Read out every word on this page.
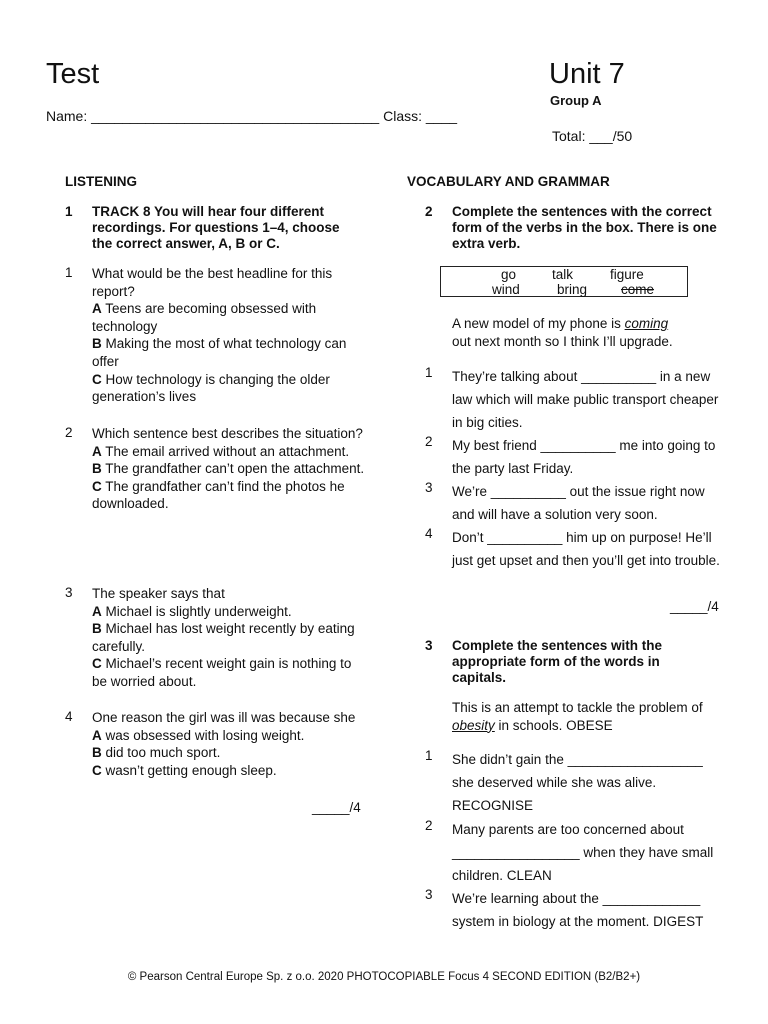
Test	Unit 7
Group A
Name: _____________________________________ Class: ____
Total: ___/50
LISTENING
1 TRACK 8 You will hear four different recordings. For questions 1–4, choose the correct answer, A, B or C.
1 What would be the best headline for this report?
A Teens are becoming obsessed with technology
B Making the most of what technology can offer
C How technology is changing the older generation’s lives
2 Which sentence best describes the situation?
A The email arrived without an attachment.
B The grandfather can’t open the attachment.
C The grandfather can’t find the photos he downloaded.
3 The speaker says that
A Michael is slightly underweight.
B Michael has lost weight recently by eating carefully.
C Michael’s recent weight gain is nothing to be worried about.
4 One reason the girl was ill was because she
A was obsessed with losing weight.
B did too much sport.
C wasn’t getting enough sleep.
_____/4
VOCABULARY AND GRAMMAR
2 Complete the sentences with the correct form of the verbs in the box. There is one extra verb.
go	talk	figure
wind	bring	come
A new model of my phone is coming
out next month so I think I’ll upgrade.
1 They’re talking about __________ in a new law which will make public transport cheaper in big cities.
2 My best friend __________ me into going to the party last Friday.
3 We’re __________ out the issue right now and will have a solution very soon.
4 Don’t __________ him up on purpose! He’ll just get upset and then you’ll get into trouble.
_____/4
3 Complete the sentences with the appropriate form of the words in capitals.
This is an attempt to tackle the problem of obesity in schools. OBESE
1 She didn’t gain the __________________ she deserved while she was alive. RECOGNISE
2 Many parents are too concerned about _________________ when they have small children. CLEAN
3 We’re learning about the _____________ system in biology at the moment. DIGEST
© Pearson Central Europe Sp. z o.o. 2020 PHOTOCOPIABLE Focus 4 SECOND EDITION (B2/B2+)
